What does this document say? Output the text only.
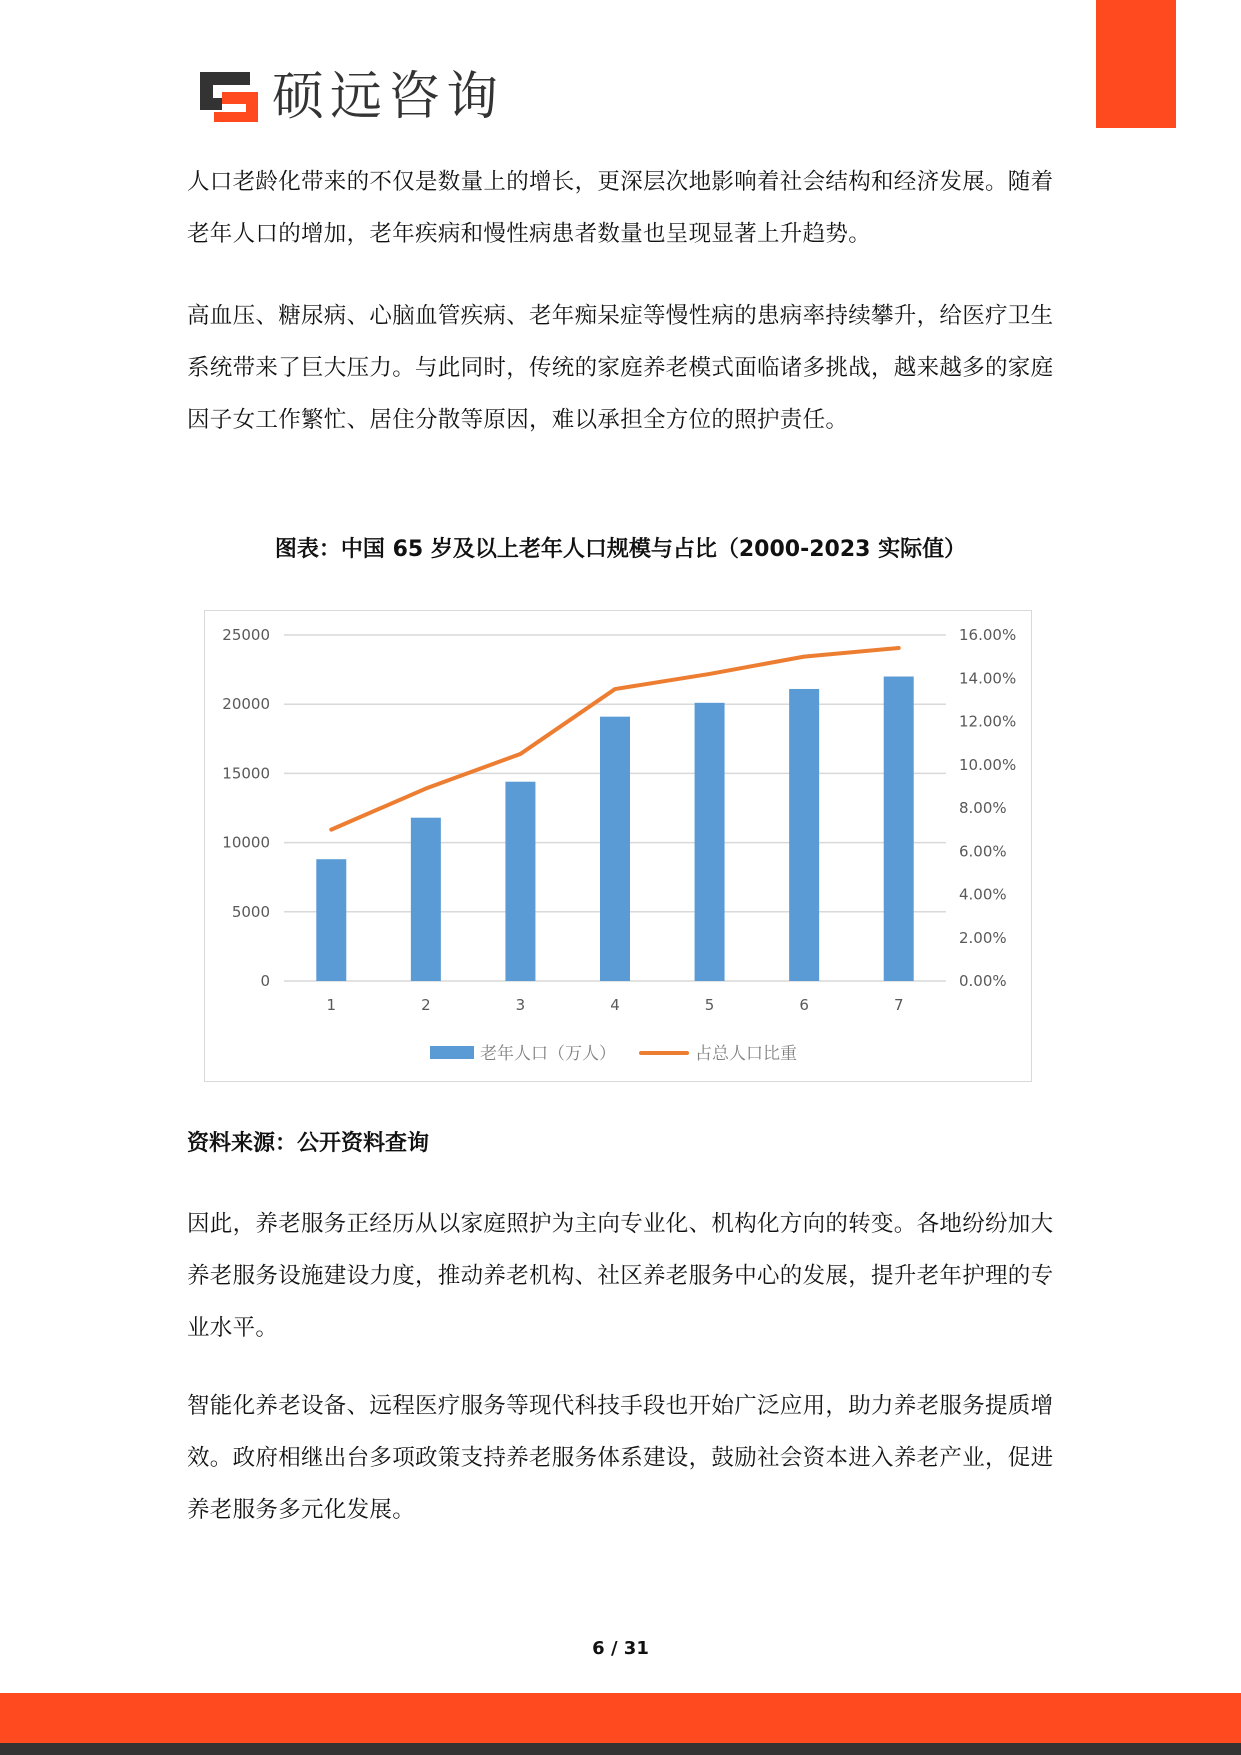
硕远咨询

人口老龄化带来的不仅是数量上的增长，更深层次地影响着社会结构和经济发展。随着老年人口的增加，老年疾病和慢性病患者数量也呈现显著上升趋势。

高血压、糖尿病、心脑血管疾病、老年痴呆症等慢性病的患病率持续攀升，给医疗卫生系统带来了巨大压力。与此同时，传统的家庭养老模式面临诸多挑战，越来越多的家庭因子女工作繁忙、居住分散等原因，难以承担全方位的照护责任。

图表：中国 65 岁及以上老年人口规模与占比（2000-2023 实际值）
0
5000
10000
15000
20000
25000
0.00%
2.00%
4.00%
6.00%
8.00%
10.00%
12.00%
14.00%
16.00%
1	2	3	4	5	6	7
老年人口（万人）	占总人口比重
资料来源：公开资料查询

因此，养老服务正经历从以家庭照护为主向专业化、机构化方向的转变。各地纷纷加大养老服务设施建设力度，推动养老机构、社区养老服务中心的发展，提升老年护理的专业水平。

智能化养老设备、远程医疗服务等现代科技手段也开始广泛应用，助力养老服务提质增效。政府相继出台多项政策支持养老服务体系建设，鼓励社会资本进入养老产业，促进养老服务多元化发展。

6 / 31
